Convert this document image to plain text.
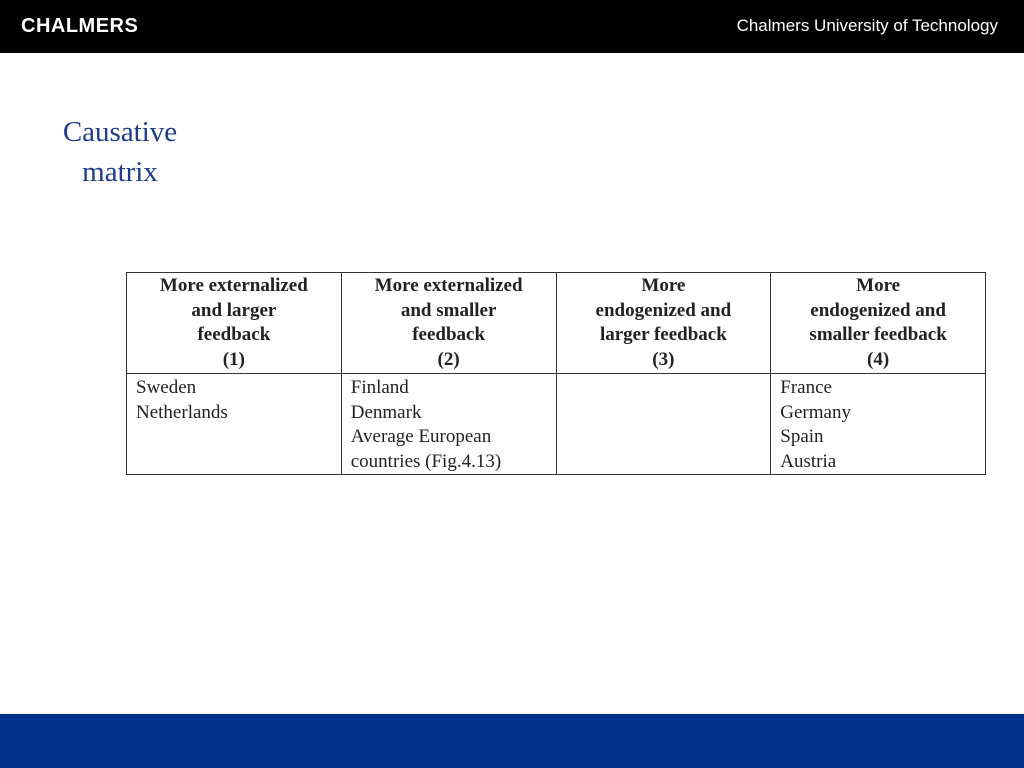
CHALMERS	Chalmers University of Technology
Causative
matrix
More externalized
and larger
feedback
(1)	More externalized
and smaller
feedback
(2)	More
endogenized and
larger feedback
(3)	More
endogenized and
smaller feedback
(4)

Sweden
Netherlands	Finland
Denmark
Average European
countries (Fig.4.13)		France
Germany
Spain
Austria
